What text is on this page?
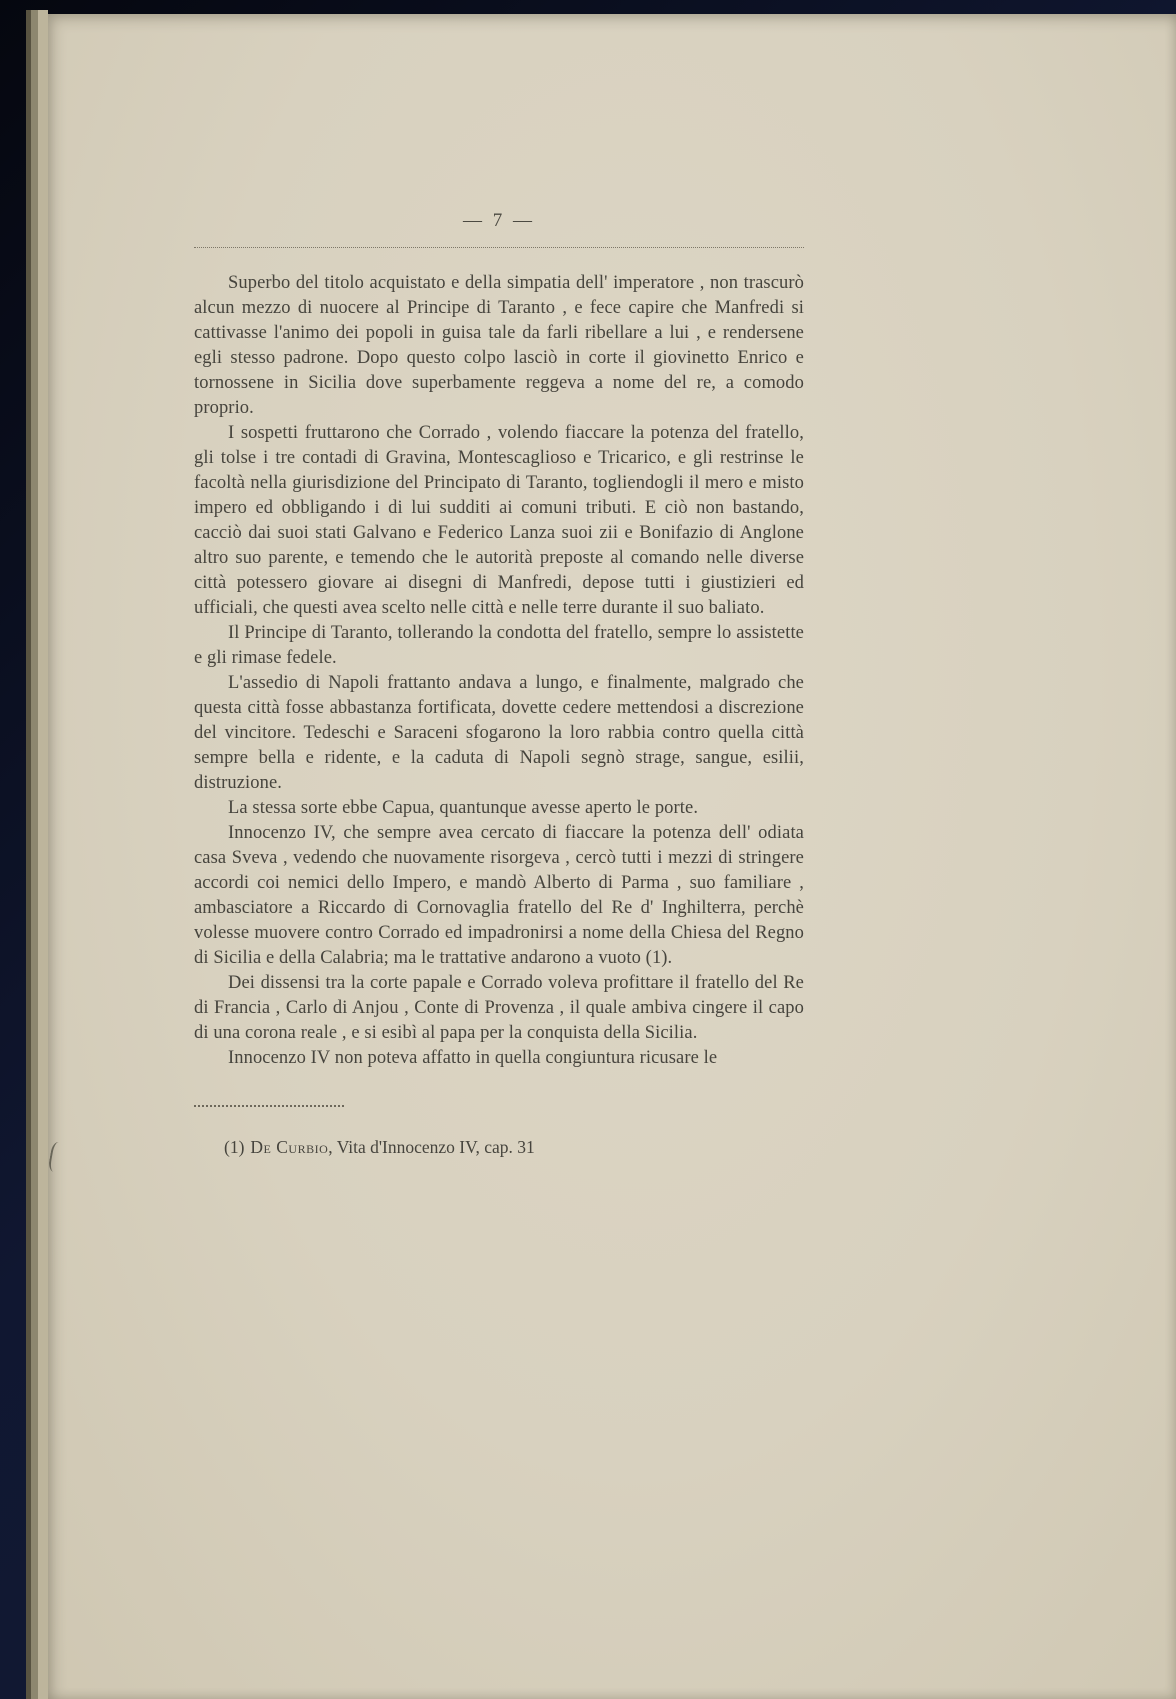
— 7 —

Superbo del titolo acquistato e della simpatia dell' imperatore , non trascurò alcun mezzo di nuocere al Principe di Taranto , e fece capire che Manfredi si cattivasse l'animo dei popoli in guisa tale da farli ribellare a lui , e rendersene egli stesso padrone. Dopo questo colpo lasciò in corte il giovinetto Enrico e tornossene in Sicilia dove superbamente reggeva a nome del re, a comodo proprio.

I sospetti fruttarono che Corrado , volendo fiaccare la potenza del fratello, gli tolse i tre contadi di Gravina, Montescaglioso e Tricarico, e gli restrinse le facoltà nella giurisdizione del Principato di Taranto, togliendogli il mero e misto impero ed obbligando i di lui sudditi ai comuni tributi. E ciò non bastando, cacciò dai suoi stati Galvano e Federico Lanza suoi zii e Bonifazio di Anglone altro suo parente, e temendo che le autorità preposte al comando nelle diverse città potessero giovare ai disegni di Manfredi, depose tutti i giustizieri ed ufficiali, che questi avea scelto nelle città e nelle terre durante il suo baliato.

Il Principe di Taranto, tollerando la condotta del fratello, sempre lo assistette e gli rimase fedele.

L'assedio di Napoli frattanto andava a lungo, e finalmente, malgrado che questa città fosse abbastanza fortificata, dovette cedere mettendosi a discrezione del vincitore. Tedeschi e Saraceni sfogarono la loro rabbia contro quella città sempre bella e ridente, e la caduta di Napoli segnò strage, sangue, esilii, distruzione.

La stessa sorte ebbe Capua, quantunque avesse aperto le porte.

Innocenzo IV, che sempre avea cercato di fiaccare la potenza dell' odiata casa Sveva , vedendo che nuovamente risorgeva , cercò tutti i mezzi di stringere accordi coi nemici dello Impero, e mandò Alberto di Parma , suo familiare , ambasciatore a Riccardo di Cornovaglia fratello del Re d' Inghilterra, perchè volesse muovere contro Corrado ed impadronirsi a nome della Chiesa del Regno di Sicilia e della Calabria; ma le trattative andarono a vuoto (1).

Dei dissensi tra la corte papale e Corrado voleva profittare il fratello del Re di Francia , Carlo di Anjou , Conte di Provenza , il quale ambiva cingere il capo di una corona reale , e si esibì al papa per la conquista della Sicilia.

Innocenzo IV non poteva affatto in quella congiuntura ricusare le

(1) De Curbio, Vita d'Innocenzo IV, cap. 31
